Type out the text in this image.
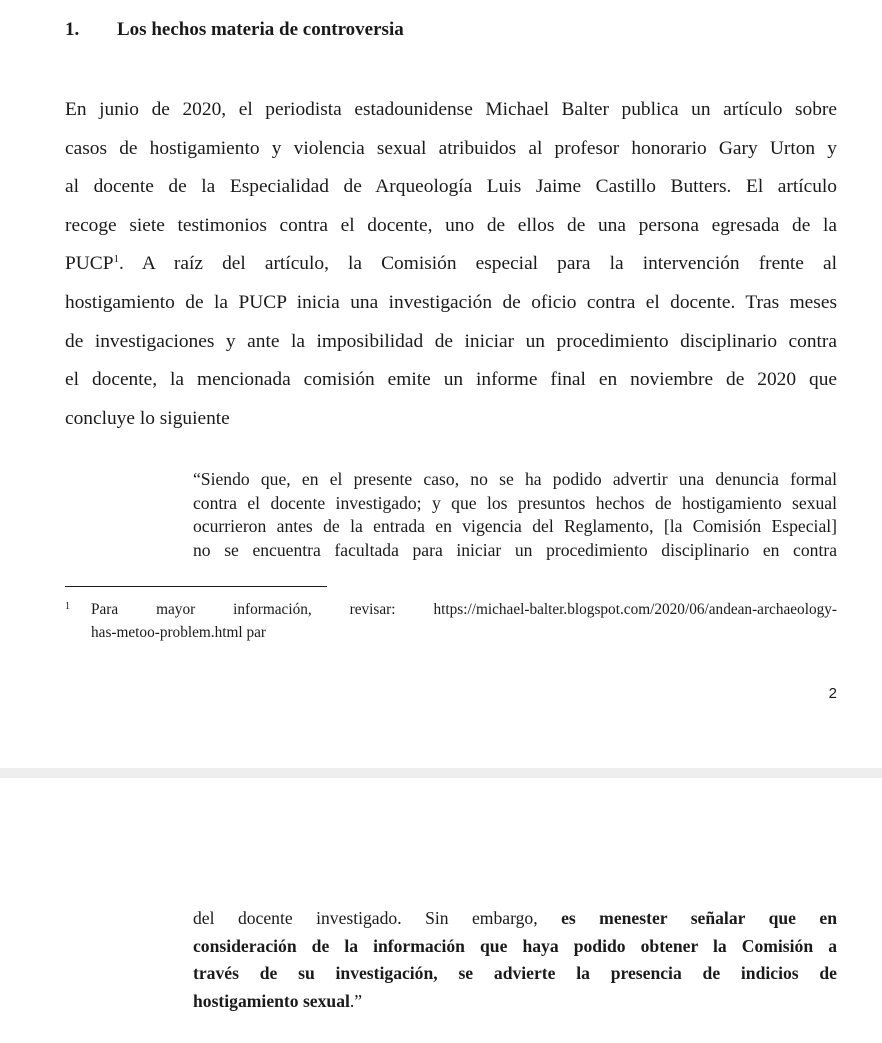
1. Los hechos materia de controversia
En junio de 2020, el periodista estadounidense Michael Balter publica un artículo sobre
casos de hostigamiento y violencia sexual atribuidos al profesor honorario Gary Urton y
al docente de la Especialidad de Arqueología Luis Jaime Castillo Butters. El artículo
recoge siete testimonios contra el docente, uno de ellos de una persona egresada de la
PUCP$^1$. A raíz del artículo, la Comisión especial para la intervención frente al
hostigamiento de la PUCP inicia una investigación de oficio contra el docente. Tras meses
de investigaciones y ante la imposibilidad de iniciar un procedimiento disciplinario contra
el docente, la mencionada comisión emite un informe final en noviembre de 2020 que
concluye lo siguiente
“Siendo que, en el presente caso, no se ha podido advertir una denuncia formal
contra el docente investigado; y que los presuntos hechos de hostigamiento sexual
ocurrieron antes de la entrada en vigencia del Reglamento, [la Comisión Especial]
no se encuentra facultada para iniciar un procedimiento disciplinario en contra
1 Para mayor información, revisar: https://michael-balter.blogspot.com/2020/06/andean-archaeology-
has-metoo-problem.html par
2
del docente investigado. Sin embargo, es menester señalar que en
consideración de la información que haya podido obtener la Comisión a
través de su investigación, se advierte la presencia de indicios de
hostigamiento sexual.”
